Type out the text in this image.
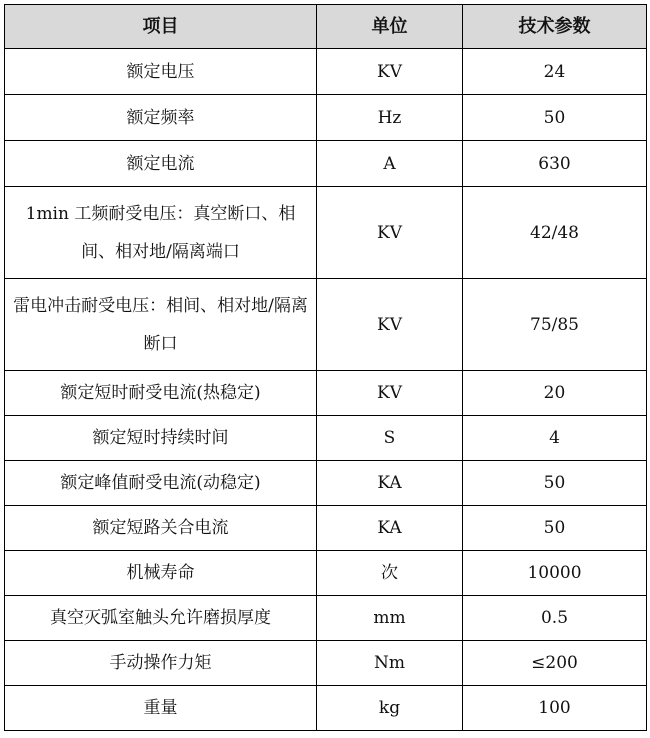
项目	单位	技术参数
额定电压	KV	24
额定频率	Hz	50
额定电流	A	630
1min 工频耐受电压：真空断口、相间、相对地/隔离端口	KV	42/48
雷电冲击耐受电压：相间、相对地/隔离断口	KV	75/85
额定短时耐受电流(热稳定)	KV	20
额定短时持续时间	S	4
额定峰值耐受电流(动稳定)	KA	50
额定短路关合电流	KA	50
机械寿命	次	10000
真空灭弧室触头允许磨损厚度	mm	0.5
手动操作力矩	Nm	≤200
重量	kg	100
